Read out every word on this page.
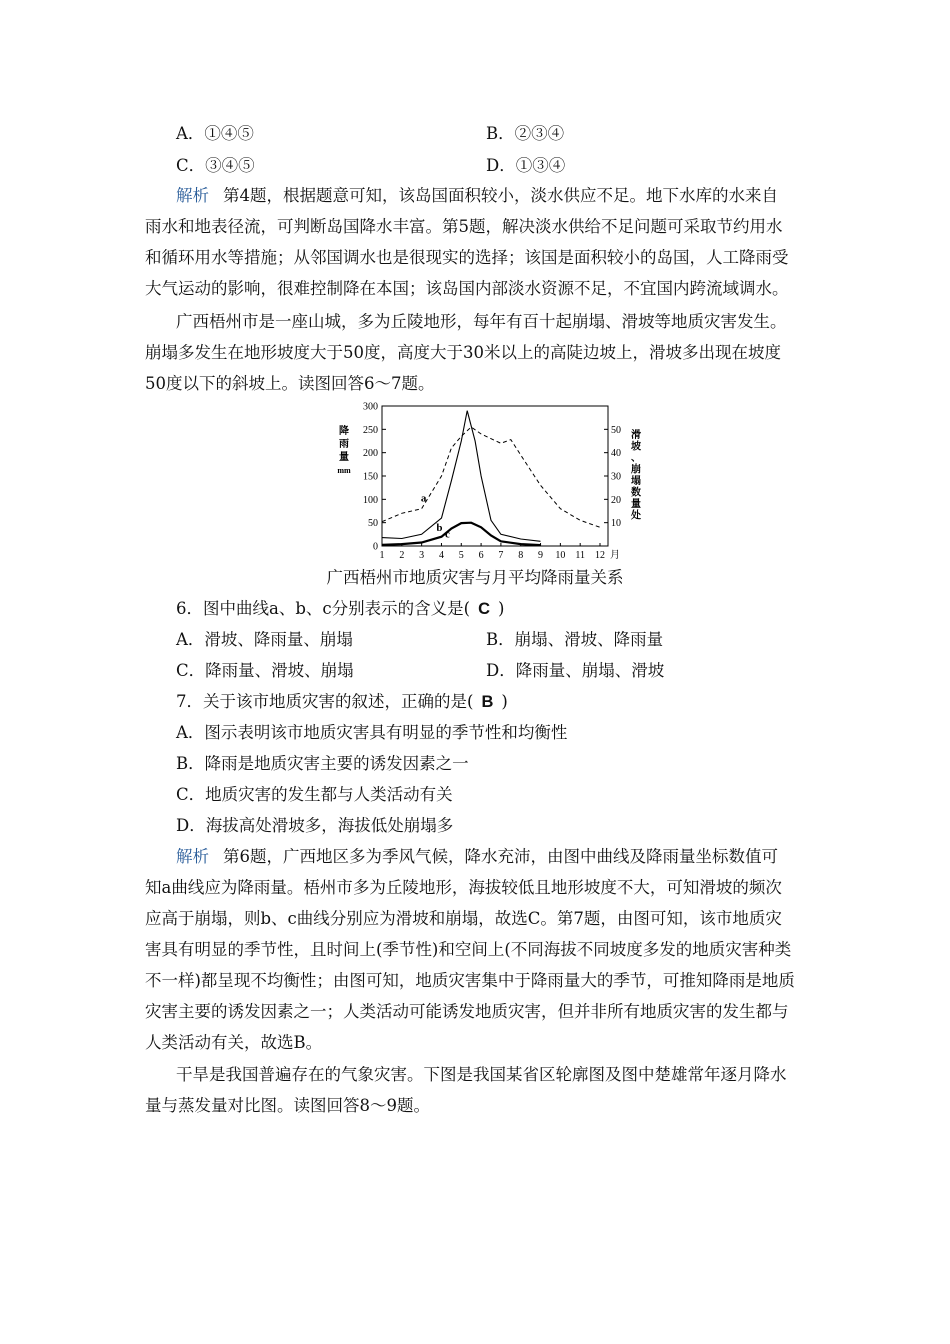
A．①④⑤	B．②③④
C．③④⑤	D．①③④
解析 第4题，根据题意可知，该岛国面积较小，淡水供应不足。地下水库的水来自
雨水和地表径流，可判断岛国降水丰富。第5题，解决淡水供给不足问题可采取节约用水
和循环用水等措施；从邻国调水也是很现实的选择；该国是面积较小的岛国，人工降雨受
大气运动的影响，很难控制降在本国；该岛国内部淡水资源不足，不宜国内跨流域调水。
广西梧州市是一座山城，多为丘陵地形，每年有百十起崩塌、滑坡等地质灾害发生。
崩塌多发生在地形坡度大于50度，高度大于30米以上的高陡边坡上，滑坡多出现在坡度
50度以下的斜坡上。读图回答6～7题。
0
50
100
150
200
250
300
10
20
30
40
50
1 2 3 4 5 6 7 8 9 10 11 12 月
降
雨
量
mm
滑
坡
、
崩
塌
数
量
处
a
b
c
广西梧州市地质灾害与月平均降雨量关系
6．图中曲线a、b、c分别表示的含义是( C )
A．滑坡、降雨量、崩塌	B．崩塌、滑坡、降雨量
C．降雨量、滑坡、崩塌	D．降雨量、崩塌、滑坡
7．关于该市地质灾害的叙述，正确的是( B )
A．图示表明该市地质灾害具有明显的季节性和均衡性
B．降雨是地质灾害主要的诱发因素之一
C．地质灾害的发生都与人类活动有关
D．海拔高处滑坡多，海拔低处崩塌多
解析 第6题，广西地区多为季风气候，降水充沛，由图中曲线及降雨量坐标数值可
知a曲线应为降雨量。梧州市多为丘陵地形，海拔较低且地形坡度不大，可知滑坡的频次
应高于崩塌，则b、c曲线分别应为滑坡和崩塌，故选C。第7题，由图可知，该市地质灾
害具有明显的季节性，且时间上(季节性)和空间上(不同海拔不同坡度多发的地质灾害种类
不一样)都呈现不均衡性；由图可知，地质灾害集中于降雨量大的季节，可推知降雨是地质
灾害主要的诱发因素之一；人类活动可能诱发地质灾害，但并非所有地质灾害的发生都与
人类活动有关，故选B。
干旱是我国普遍存在的气象灾害。下图是我国某省区轮廓图及图中楚雄常年逐月降水
量与蒸发量对比图。读图回答8～9题。
